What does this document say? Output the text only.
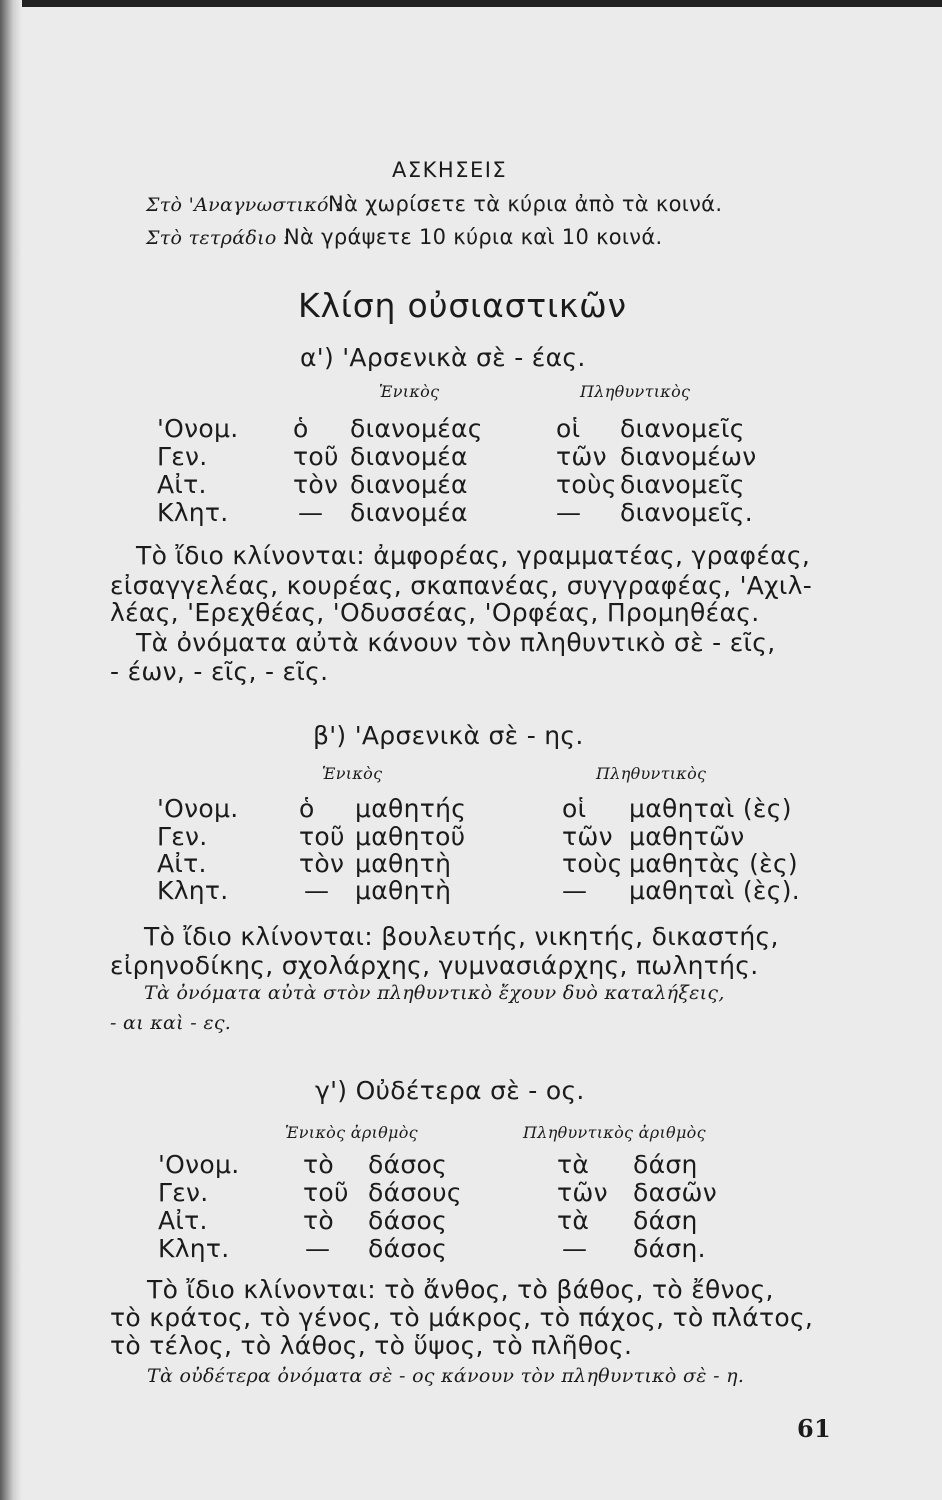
ΑΣΚΗΣΕΙΣ
Στὸ 'Αναγνωστικό :
Νὰ χωρίσετε τὰ κύρια ἀπὸ τὰ κοινά.
Στὸ τετράδιο :
Νὰ γράψετε 10 κύρια καὶ 10 κοινά.
Κλίση οὐσιαστικῶν
α') 'Αρσενικὰ σὲ - έας.
Ἑνικὸς	Πληθυντικὸς
'Ονομ. ὁ διανομέας	οἱ διανομεῖς
Γεν.	τοῦ διανομέα	τῶν διανομέων
Αἰτ.	τὸν διανομέα	τοὺς διανομεῖς
Κλητ.	— διανομέα	— διανομεῖς.
Τὸ ἴδιο κλίνονται: ἀμφορέας, γραμματέας, γραφέας,
εἰσαγγελέας, κουρέας, σκαπανέας, συγγραφέας, 'Αχιλ-
λέας, 'Ερεχθέας, 'Οδυσσέας, 'Ορφέας, Προμηθέας.
Τὰ ὀνόματα αὐτὰ κάνουν τὸν πληθυντικὸ σὲ - εῖς,
- έων, - εῖς, - εῖς.
β') 'Αρσενικὰ σὲ - ης.
Ἑνικὸς	Πληθυντικὸς
'Ονομ. ὁ μαθητής	οἱ μαθηταὶ (ὲς)
Γεν.	τοῦ μαθητοῦ	τῶν μαθητῶν
Αἰτ.	τὸν μαθητὴ	τοὺς μαθητὰς (ὲς)
Κλητ.	— μαθητὴ	— μαθηταὶ (ὲς).
Τὸ ἴδιο κλίνονται: βουλευτής, νικητής, δικαστής,
εἰρηνοδίκης, σχολάρχης, γυμνασιάρχης, πωλητής.
Τὰ ὀνόματα αὐτὰ στὸν πληθυντικὸ ἔχουν δυὸ καταλήξεις,
- αι καὶ - ες.
γ') Οὐδέτερα σὲ - ος.
Ἑνικὸς ἀριθμὸς	Πληθυντικὸς ἀριθμὸς
'Ονομ.	τὸ δάσος	τὰ δάση
Γεν.	τοῦ δάσους	τῶν δασῶν
Αἰτ.	τὸ δάσος	τὰ δάση
Κλητ.	— δάσος	— δάση.
Τὸ ἴδιο κλίνονται: τὸ ἄνθος, τὸ βάθος, τὸ ἔθνος,
τὸ κράτος, τὸ γένος, τὸ μάκρος, τὸ πάχος, τὸ πλάτος,
τὸ τέλος, τὸ λάθος, τὸ ὕψος, τὸ πλῆθος.
Τὰ οὐδέτερα ὀνόματα σὲ - ος κάνουν τὸν πληθυντικὸ σὲ - η.
61
